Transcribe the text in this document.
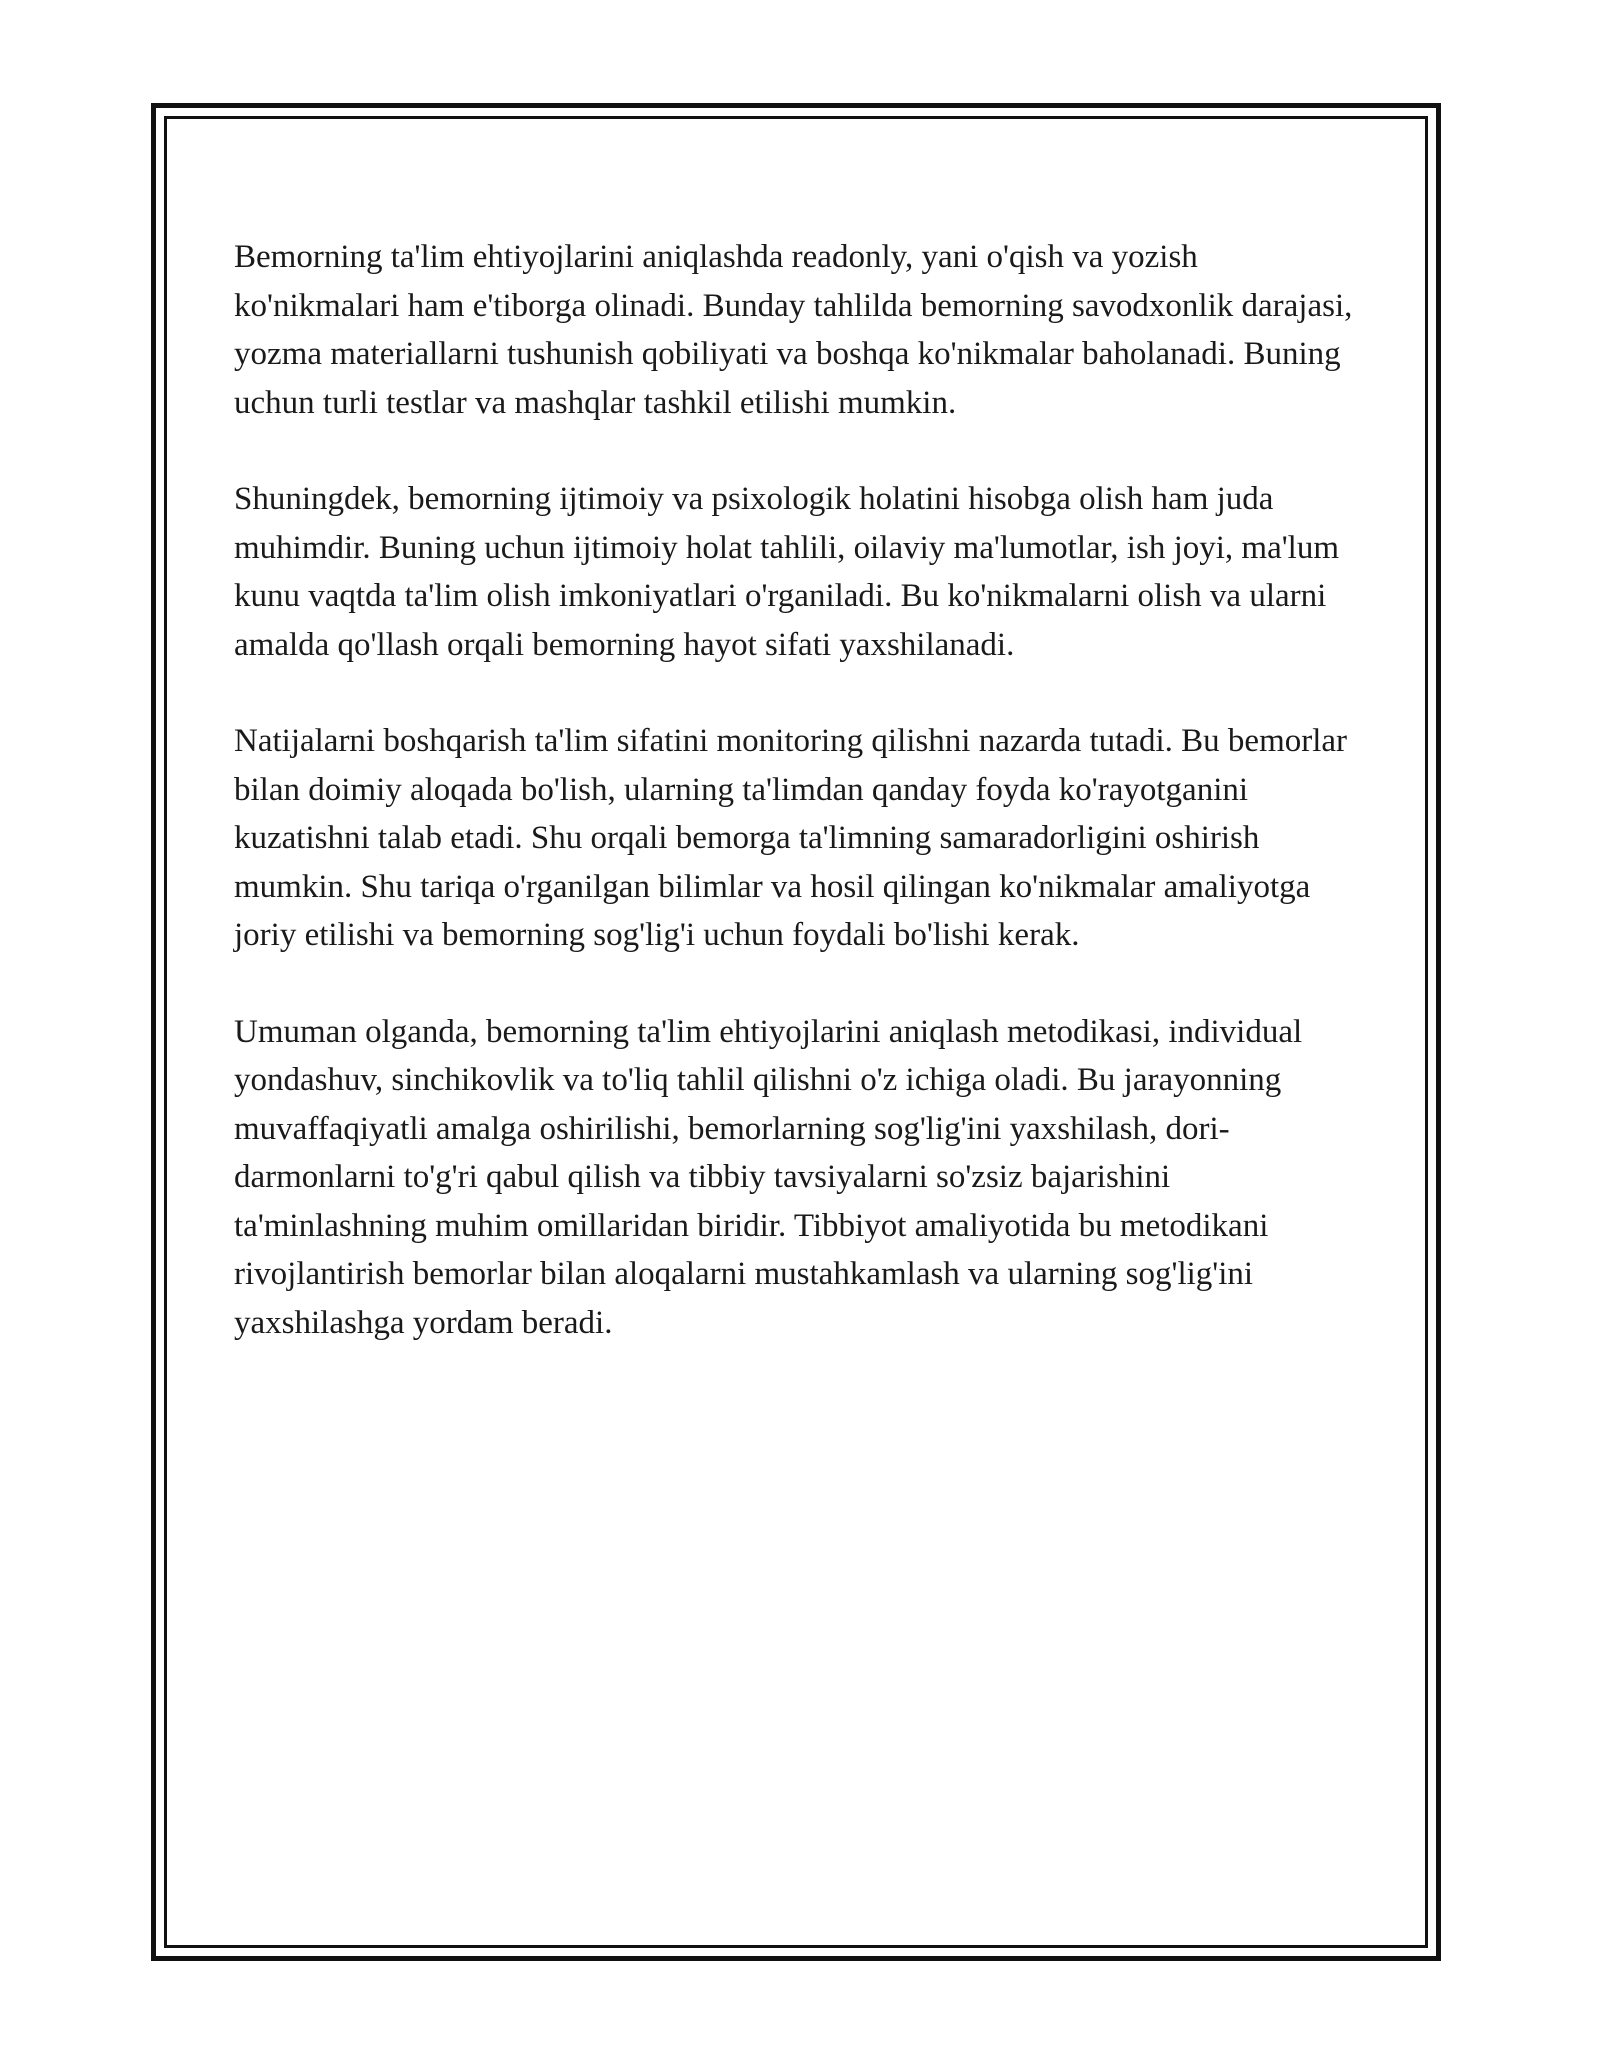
Bemorning ta'lim ehtiyojlarini aniqlashda readonly, yani o'qish va yozish ko'nikmalari ham e'tiborga olinadi. Bunday tahlilda bemorning savodxonlik darajasi, yozma materiallarni tushunish qobiliyati va boshqa ko'nikmalar baholanadi. Buning uchun turli testlar va mashqlar tashkil etilishi mumkin.

Shuningdek, bemorning ijtimoiy va psixologik holatini hisobga olish ham juda muhimdir. Buning uchun ijtimoiy holat tahlili, oilaviy ma'lumotlar, ish joyi, ma'lum kunu vaqtda ta'lim olish imkoniyatlari o'rganiladi. Bu ko'nikmalarni olish va ularni amalda qo'llash orqali bemorning hayot sifati yaxshilanadi.

Natijalarni boshqarish ta'lim sifatini monitoring qilishni nazarda tutadi. Bu bemorlar bilan doimiy aloqada bo'lish, ularning ta'limdan qanday foyda ko'rayotganini kuzatishni talab etadi. Shu orqali bemorga ta'limning samaradorligini oshirish mumkin. Shu tariqa o'rganilgan bilimlar va hosil qilingan ko'nikmalar amaliyotga joriy etilishi va bemorning sog'lig'i uchun foydali bo'lishi kerak.

Umuman olganda, bemorning ta'lim ehtiyojlarini aniqlash metodikasi, individual yondashuv, sinchikovlik va to'liq tahlil qilishni o'z ichiga oladi. Bu jarayonning muvaffaqiyatli amalga oshirilishi, bemorlarning sog'lig'ini yaxshilash, dori-darmonlarni to'g'ri qabul qilish va tibbiy tavsiyalarni so'zsiz bajarishini ta'minlashning muhim omillaridan biridir. Tibbiyot amaliyotida bu metodikani rivojlantirish bemorlar bilan aloqalarni mustahkamlash va ularning sog'lig'ini yaxshilashga yordam beradi.
